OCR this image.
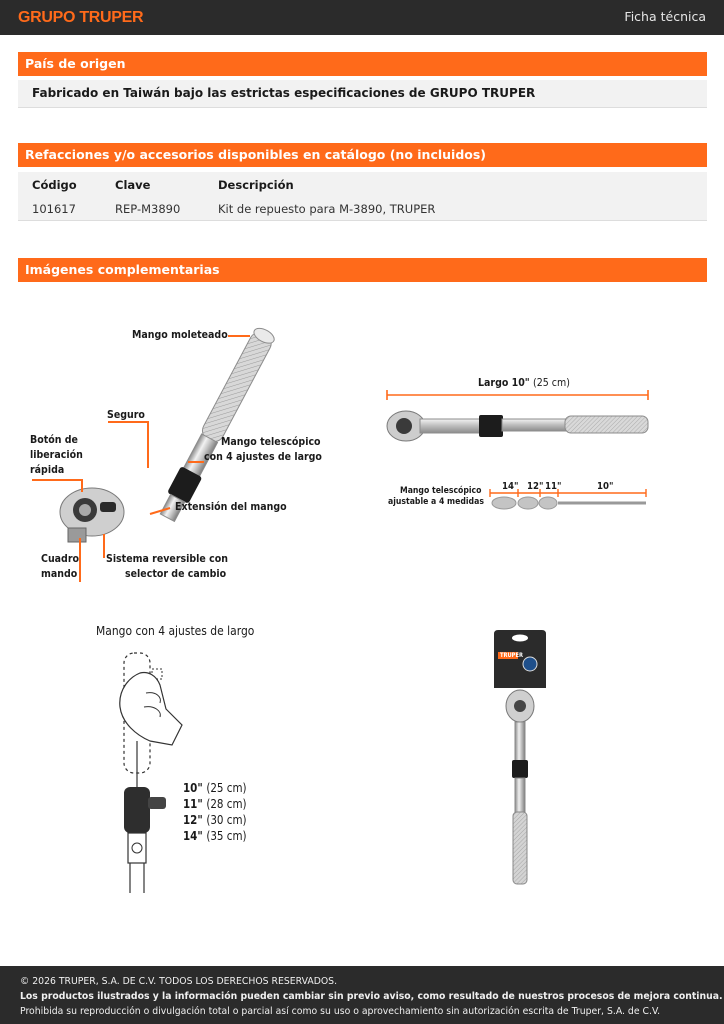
GRUPO TRUPER	Ficha técnica
País de origen
Fabricado en Taiwán bajo las estrictas especificaciones de GRUPO TRUPER
Refacciones y/o accesorios disponibles en catálogo (no incluidos)
Código	Clave	Descripción
101617	REP-M3890	Kit de repuesto para M-3890, TRUPER
Imágenes complementarias
Mango moleteado
Seguro
Botón de
liberación
rápida
Mango telescópico
con 4 ajustes de largo
Extensión del mango
Cuadro
mando
Sistema reversible con
selector de cambio
Largo 10" (25 cm)
14" 12" 11"	10"
Mango telescópico
ajustable a 4 medidas
Mango con 4 ajustes de largo
10" (25 cm)
11" (28 cm)
12" (30 cm)
14" (35 cm)
TRUPER

© 2026 TRUPER, S.A. DE C.V. TODOS LOS DERECHOS RESERVADOS.

Los productos ilustrados y la información pueden cambiar sin previo aviso, como resultado de nuestros procesos de mejora continua.

Prohibida su reproducción o divulgación total o parcial así como su uso o aprovechamiento sin autorización escrita de Truper, S.A. de C.V.
